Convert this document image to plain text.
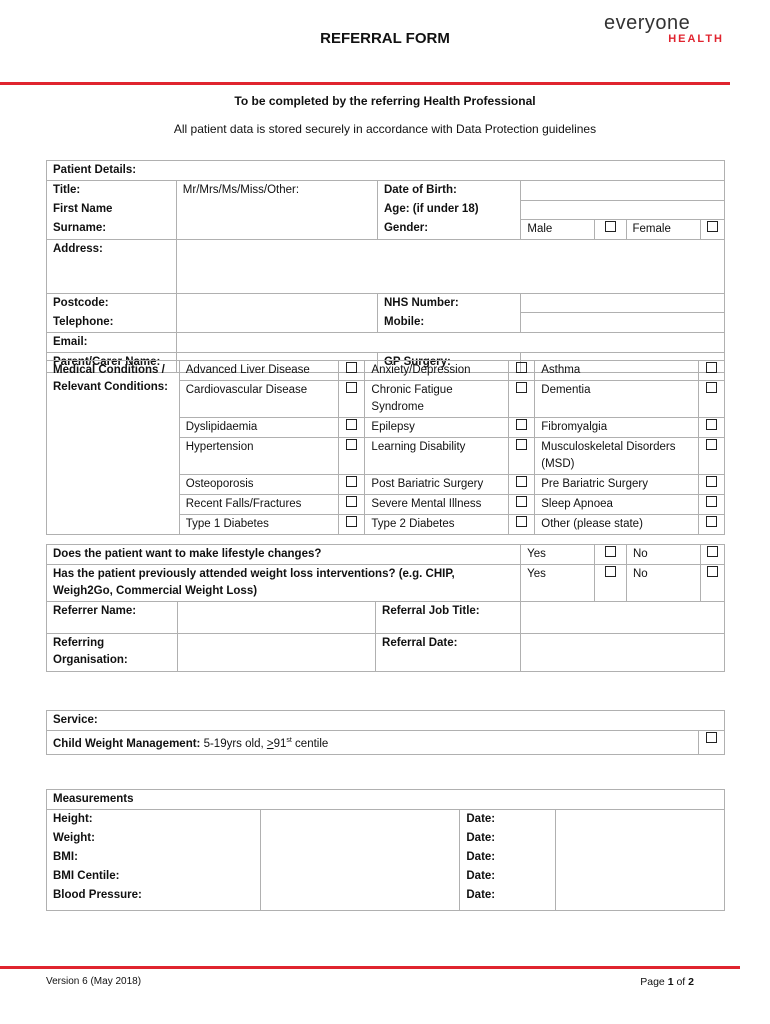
REFERRAL FORM
everyone
HEALTH
To be completed by the referring Health Professional
All patient data is stored securely in accordance with Data Protection guidelines
Patient Details:						
Title:	Mr/Mrs/Ms/Miss/Other:	Date of Birth:				
First Name		Age: (if under 18)				
Surname:		Gender:	Male		Female	
Address:						
Postcode:		NHS Number:				
Telephone:		Mobile:				
Email:						
Parent/Carer Name:		GP Surgery:				
Medical Conditions / Relevant Conditions:	Advanced Liver Disease		Anxiety/Depression		Asthma	
	Cardiovascular Disease		Chronic Fatigue Syndrome		Dementia	
	Dyslipidaemia		Epilepsy		Fibromyalgia	
	Hypertension		Learning Disability		Musculoskeletal Disorders (MSD)	
	Osteoporosis		Post Bariatric Surgery		Pre Bariatric Surgery	
	Recent Falls/Fractures		Severe Mental Illness		Sleep Apnoea	
	Type 1 Diabetes		Type 2 Diabetes		Other (please state)	
Does the patient want to make lifestyle changes?			Yes		No	
Has the patient previously attended weight loss interventions? (e.g. CHIP, Weigh2Go, Commercial Weight Loss)			Yes		No	
Referrer Name:		Referral Job Title:				
Referring Organisation:		Referral Date:				
Service:
Child Weight Management: 5-19yrs old, >91st centile	
Measurements			
Height:		Date:	
Weight:		Date:	
BMI:		Date:	
BMI Centile:		Date:	
Blood Pressure:		Date:	
Version 6 (May 2018)	Page 1 of 2
